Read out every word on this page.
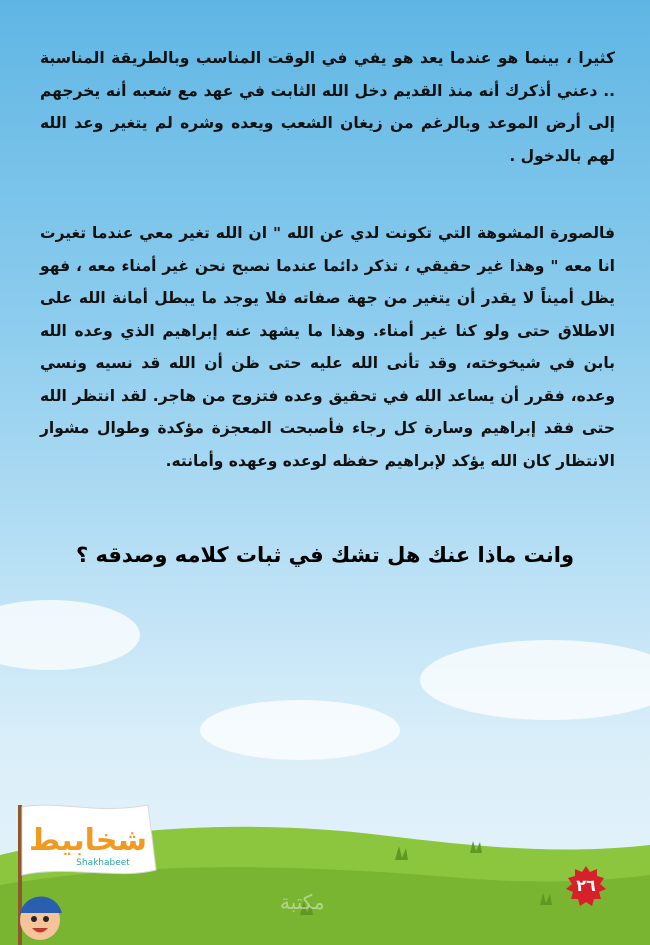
كثيرا ، بينما هو عندما يعد هو يفي في الوقت المناسب وبالطريقة المناسبة .. دعني أذكرك أنه منذ القديم دخل الله الثابت في عهد مع شعبه أنه يخرجهم إلى أرض الموعد وبالرغم من زيغان الشعب ويعده وشره لم يتغير وعد الله لهم بالدخول .

فالصورة المشوهة التي تكونت لدي عن الله " ان الله تغير معي عندما تغيرت انا معه " وهذا غير حقيقي ، تذكر دائما عندما نصبح نحن غير أمناء معه ، فهو يظل أميناً لا يقدر أن يتغير من جهة صفاته فلا يوجد ما يبطل أمانة الله على الاطلاق حتى ولو كنا غير أمناء. وهذا ما يشهد عنه إبراهيم الذي وعده الله بابن في شيخوخته، وقد تأنى الله عليه حتى ظن أن الله قد نسيه ونسي وعده، فقرر أن يساعد الله في تحقيق وعده فتزوج من هاجر. لقد انتظر الله حتى فقد إبراهيم وسارة كل رجاء فأصبحت المعجزة مؤكدة وطوال مشوار الانتظار كان الله يؤكد لإبراهيم حفظه لوعده وعهده وأمانته.

وانت ماذا عنك هل تشك في ثبات كلامه وصدقه ؟
شخابيط
Shakhabeet
٢٦
مكتبة
